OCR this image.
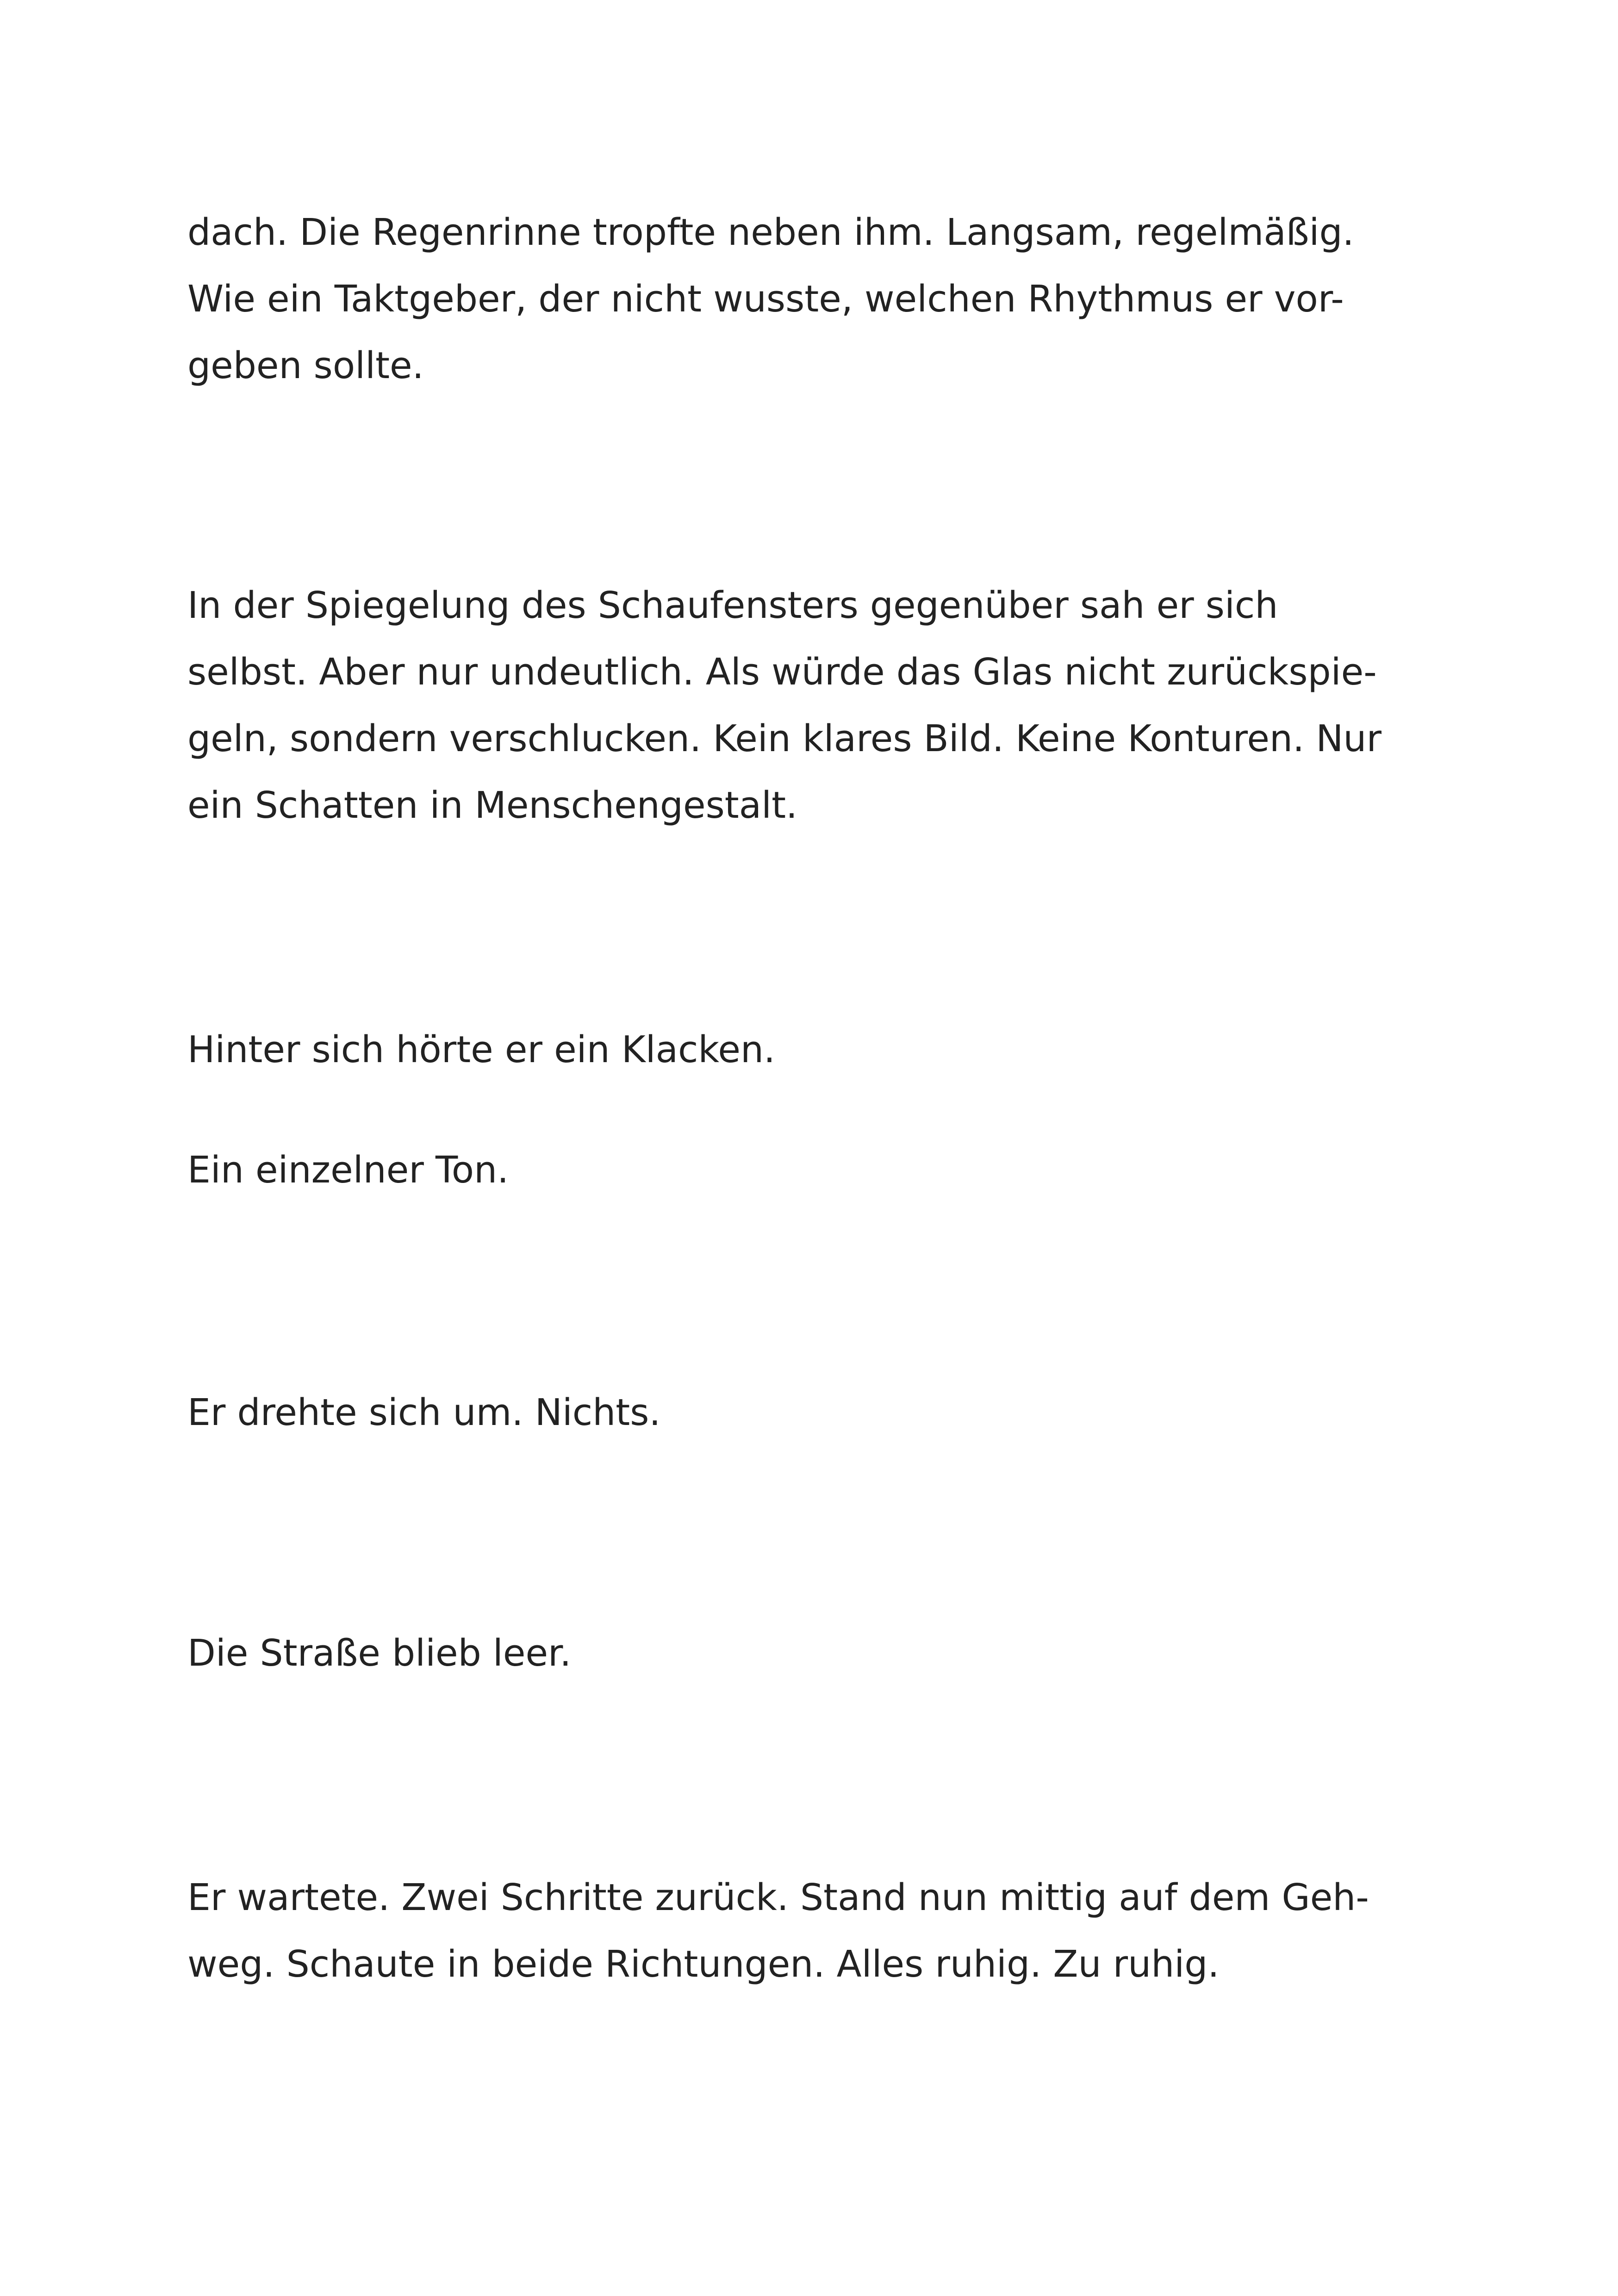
dach. Die Regenrinne tropfte neben ihm. Langsam, regelmäßig.
Wie ein Taktgeber, der nicht wusste, welchen Rhythmus er vor-
geben sollte.

In der Spiegelung des Schaufensters gegenüber sah er sich
selbst. Aber nur undeutlich. Als würde das Glas nicht zurückspie-
geln, sondern verschlucken. Kein klares Bild. Keine Konturen. Nur
ein Schatten in Menschengestalt.

Hinter sich hörte er ein Klacken.

Ein einzelner Ton.

Er drehte sich um. Nichts.

Die Straße blieb leer.

Er wartete. Zwei Schritte zurück. Stand nun mittig auf dem Geh-
weg. Schaute in beide Richtungen. Alles ruhig. Zu ruhig.
